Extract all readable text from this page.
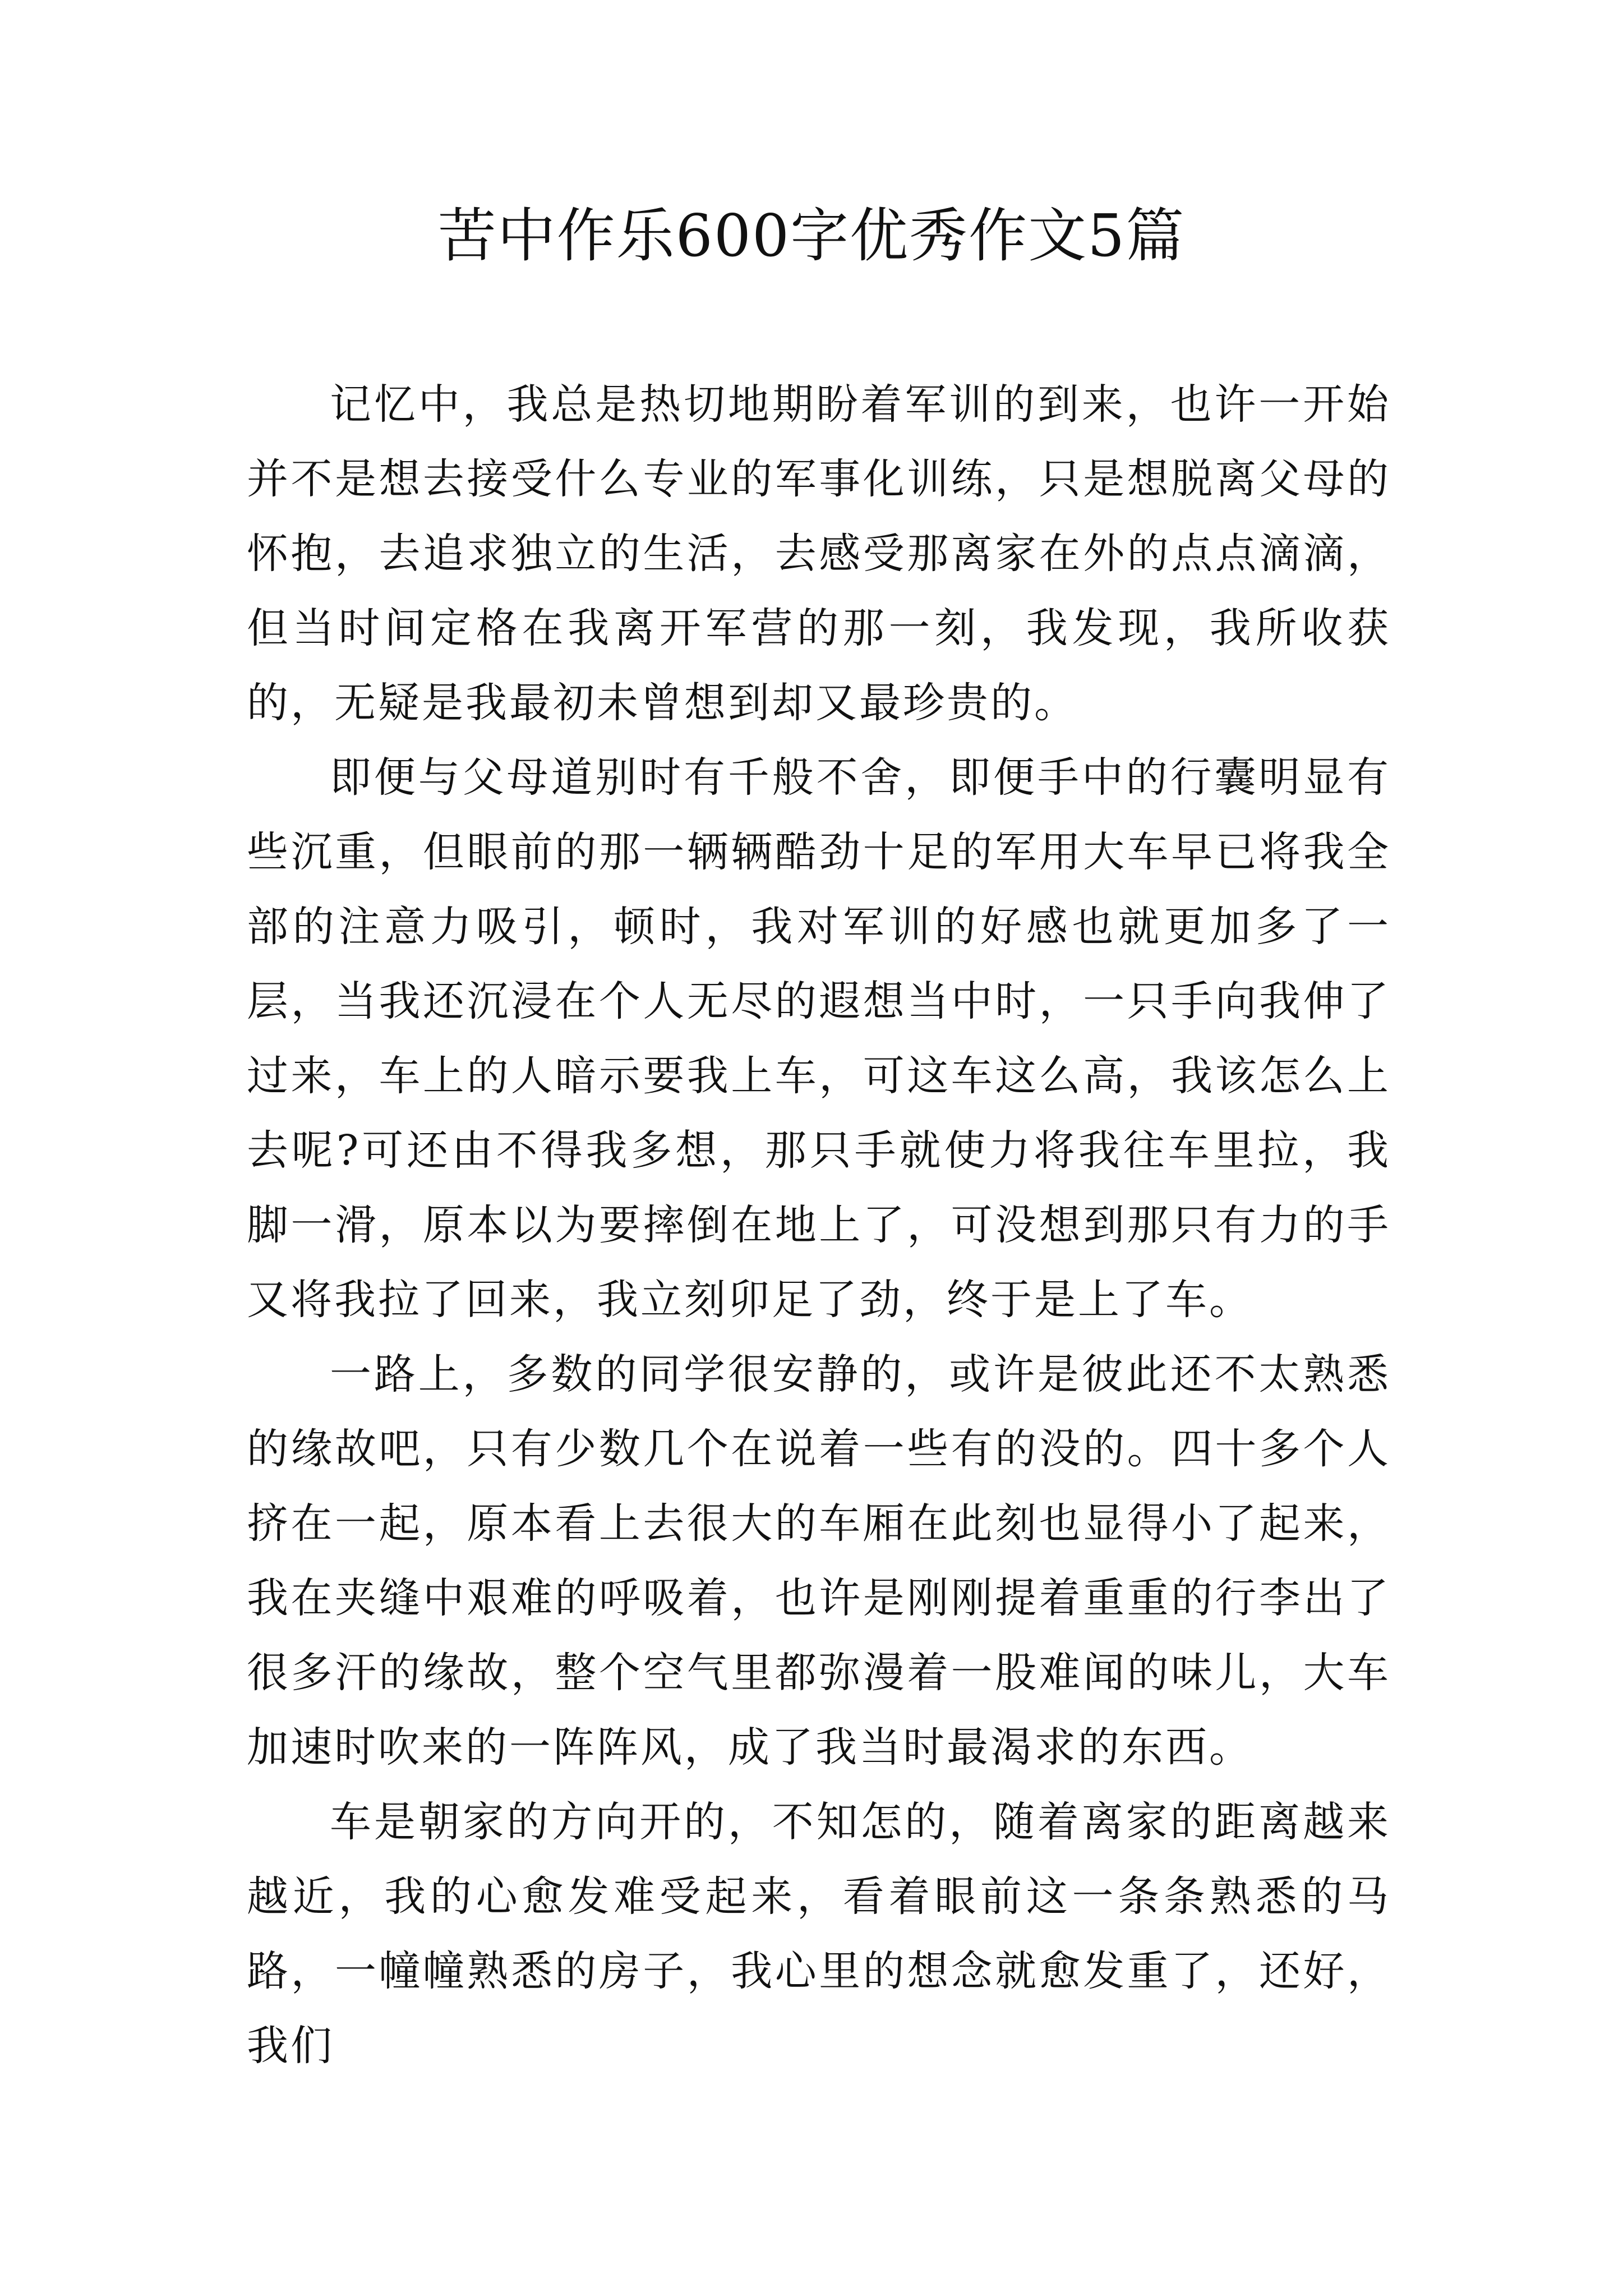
苦中作乐600字优秀作文5篇

记忆中，我总是热切地期盼着军训的到来，也许一开始并不是想去接受什么专业的军事化训练，只是想脱离父母的怀抱，去追求独立的生活，去感受那离家在外的点点滴滴，但当时间定格在我离开军营的那一刻，我发现，我所收获的，无疑是我最初未曾想到却又最珍贵的。

即便与父母道别时有千般不舍，即便手中的行囊明显有些沉重，但眼前的那一辆辆酷劲十足的军用大车早已将我全部的注意力吸引，顿时，我对军训的好感也就更加多了一层，当我还沉浸在个人无尽的遐想当中时，一只手向我伸了过来，车上的人暗示要我上车，可这车这么高，我该怎么上去呢?可还由不得我多想，那只手就使力将我往车里拉，我脚一滑，原本以为要摔倒在地上了，可没想到那只有力的手又将我拉了回来，我立刻卯足了劲，终于是上了车。

一路上，多数的同学很安静的，或许是彼此还不太熟悉的缘故吧，只有少数几个在说着一些有的没的。四十多个人挤在一起，原本看上去很大的车厢在此刻也显得小了起来，我在夹缝中艰难的呼吸着，也许是刚刚提着重重的行李出了很多汗的缘故，整个空气里都弥漫着一股难闻的味儿，大车加速时吹来的一阵阵风，成了我当时最渴求的东西。

车是朝家的方向开的，不知怎的，随着离家的距离越来越近，我的心愈发难受起来，看着眼前这一条条熟悉的马路，一幢幢熟悉的房子，我心里的想念就愈发重了，还好，我们
